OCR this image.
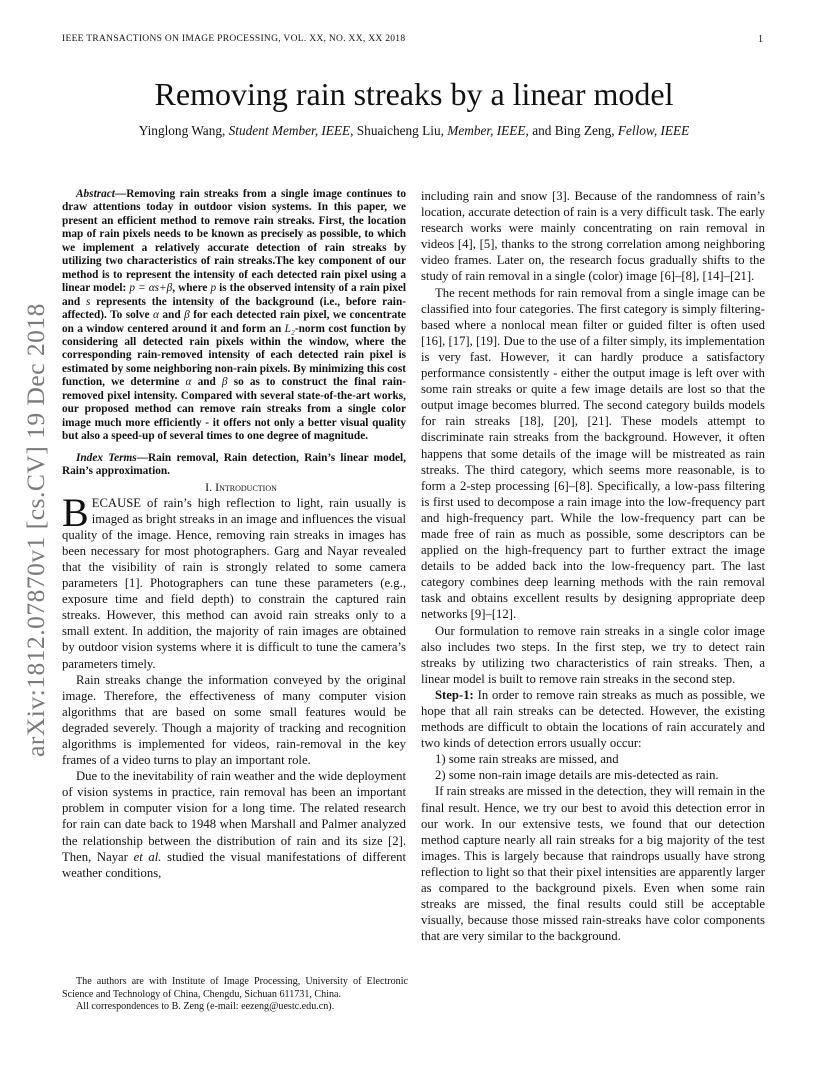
IEEE TRANSACTIONS ON IMAGE PROCESSING, VOL. XX, NO. XX, XX 2018	1
arXiv:1812.07870v1 [cs.CV] 19 Dec 2018
Removing rain streaks by a linear model
Yinglong Wang, Student Member, IEEE, Shuaicheng Liu, Member, IEEE, and Bing Zeng, Fellow, IEEE

Abstract—Removing rain streaks from a single image continues to draw attentions today in outdoor vision systems. In this paper, we present an efficient method to remove rain streaks. First, the location map of rain pixels needs to be known as precisely as possible, to which we implement a relatively accurate detection of rain streaks by utilizing two characteristics of rain streaks.The key component of our method is to represent the intensity of each detected rain pixel using a linear model: p = αs+β, where p is the observed intensity of a rain pixel and s represents the intensity of the background (i.e., before rain-affected). To solve α and β for each detected rain pixel, we concentrate on a window centered around it and form an L₂-norm cost function by considering all detected rain pixels within the window, where the corresponding rain-removed intensity of each detected rain pixel is estimated by some neighboring non-rain pixels. By minimizing this cost function, we determine α and β so as to construct the final rain-removed pixel intensity. Compared with several state-of-the-art works, our proposed method can remove rain streaks from a single color image much more efficiently - it offers not only a better visual quality but also a speed-up of several times to one degree of magnitude.

Index Terms—Rain removal, Rain detection, Rain’s linear model, Rain’s approximation.

I. Introduction

BECAUSE of rain’s high reflection to light, rain usually is imaged as bright streaks in an image and influences the visual quality of the image. Hence, removing rain streaks in images has been necessary for most photographers. Garg and Nayar revealed that the visibility of rain is strongly related to some camera parameters [1]. Photographers can tune these parameters (e.g., exposure time and field depth) to constrain the captured rain streaks. However, this method can avoid rain streaks only to a small extent. In addition, the majority of rain images are obtained by outdoor vision systems where it is difficult to tune the camera’s parameters timely.

Rain streaks change the information conveyed by the original image. Therefore, the effectiveness of many computer vision algorithms that are based on some small features would be degraded severely. Though a majority of tracking and recognition algorithms is implemented for videos, rain-removal in the key frames of a video turns to play an important role.

Due to the inevitability of rain weather and the wide deployment of vision systems in practice, rain removal has been an important problem in computer vision for a long time. The related research for rain can date back to 1948 when Marshall and Palmer analyzed the relationship between the distribution of rain and its size [2]. Then, Nayar et al. studied the visual manifestations of different weather conditions,

including rain and snow [3]. Because of the randomness of rain’s location, accurate detection of rain is a very difficult task. The early research works were mainly concentrating on rain removal in videos [4], [5], thanks to the strong correlation among neighboring video frames. Later on, the research focus gradually shifts to the study of rain removal in a single (color) image [6]–[8], [14]–[21].

The recent methods for rain removal from a single image can be classified into four categories. The first category is simply filtering-based where a nonlocal mean filter or guided filter is often used [16], [17], [19]. Due to the use of a filter simply, its implementation is very fast. However, it can hardly produce a satisfactory performance consistently - either the output image is left over with some rain streaks or quite a few image details are lost so that the output image becomes blurred. The second category builds models for rain streaks [18], [20], [21]. These models attempt to discriminate rain streaks from the background. However, it often happens that some details of the image will be mistreated as rain streaks. The third category, which seems more reasonable, is to form a 2-step processing [6]–[8]. Specifically, a low-pass filtering is first used to decompose a rain image into the low-frequency part and high-frequency part. While the low-frequency part can be made free of rain as much as possible, some descriptors can be applied on the high-frequency part to further extract the image details to be added back into the low-frequency part. The last category combines deep learning methods with the rain removal task and obtains excellent results by designing appropriate deep networks [9]–[12].

Our formulation to remove rain streaks in a single color image also includes two steps. In the first step, we try to detect rain streaks by utilizing two characteristics of rain streaks. Then, a linear model is built to remove rain streaks in the second step.

Step-1: In order to remove rain streaks as much as possible, we hope that all rain streaks can be detected. However, the existing methods are difficult to obtain the locations of rain accurately and two kinds of detection errors usually occur:

1) some rain streaks are missed, and

2) some non-rain image details are mis-detected as rain.

If rain streaks are missed in the detection, they will remain in the final result. Hence, we try our best to avoid this detection error in our work. In our extensive tests, we found that our detection method capture nearly all rain streaks for a big majority of the test images. This is largely because that raindrops usually have strong reflection to light so that their pixel intensities are apparently larger as compared to the background pixels. Even when some rain streaks are missed, the final results could still be acceptable visually, because those missed rain-streaks have color components that are very similar to the background.

The authors are with Institute of Image Processing, University of Electronic Science and Technology of China, Chengdu, Sichuan 611731, China.

All correspondences to B. Zeng (e-mail: eezeng@uestc.edu.cn).
